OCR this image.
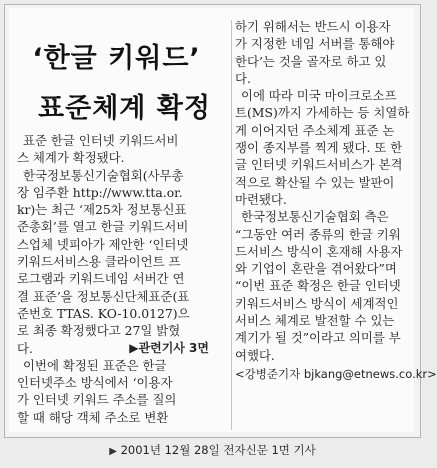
‘한글 키워드’
표준체계 확정
표준 한글 인터넷 키워드서비
스 체계가 확정됐다.
한국정보통신기술협회(사무총
장 임주환 http://www.tta.or.
kr)는 최근 ‘제25차 정보통신표
준총회’를 열고 한글 키워드서비
스업체 넷피아가 제안한 ‘인터넷
키워드서비스용 클라이언트 프
로그램과 키워드네임 서버간 연
결 표준’을 정보통신단체표준(표
준번호 TTAS. KO-10.0127)으
로 최종 확정했다고 27일 밝혔
다.	▶관련기사 3면
이번에 확정된 표준은 한글
인터넷주소 방식에서 ‘이용자
가 인터넷 키워드 주소를 질의
할 때 해당 객체 주소로 변환
하기 위해서는 반드시 이용자
가 지정한 네임 서버를 통해야
한다’는 것을 골자로 하고 있
다.
이에 따라 미국 마이크로소프
트(MS)까지 가세하는 등 치열하
게 이어지던 주소체계 표준 논
쟁이 종지부를 찍게 됐다. 또 한
글 인터넷 키워드서비스가 본격
적으로 확산될 수 있는 발판이
마련됐다.
한국정보통신기술협회 측은
“그동안 여러 종류의 한글 키워
드서비스 방식이 혼재해 사용자
와 기업이 혼란을 겪어왔다”며
“이번 표준 확정은 한글 인터넷
키워드서비스 방식이 세계적인
서비스 체계로 발전할 수 있는
계기가 될 것”이라고 의미를 부
여했다.
<강병준기자 bjkang@etnews.co.kr>
▶ 2001년 12월 28일 전자신문 1면 기사
